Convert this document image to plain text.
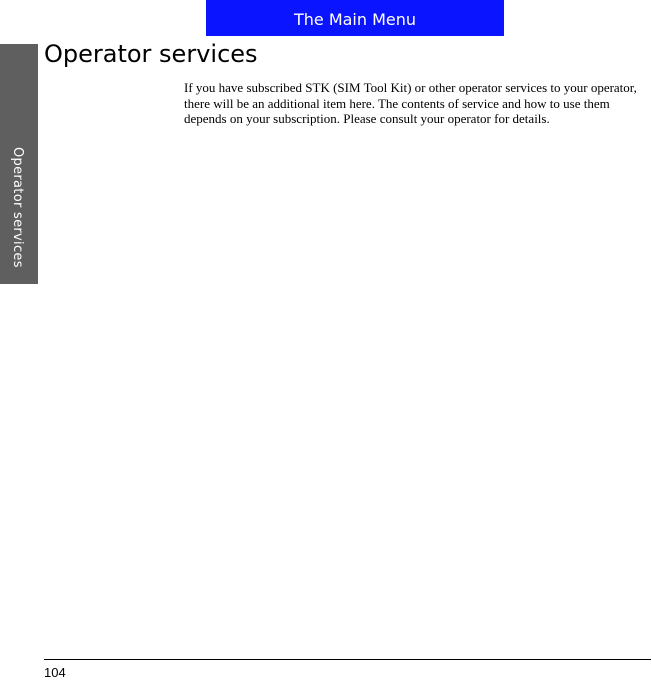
The Main Menu
Operator services
Operator services

If you have subscribed STK (SIM Tool Kit) or other operator services to your operator, there will be an additional item here. The contents of service and how to use them depends on your subscription. Please consult your operator for details.

104
